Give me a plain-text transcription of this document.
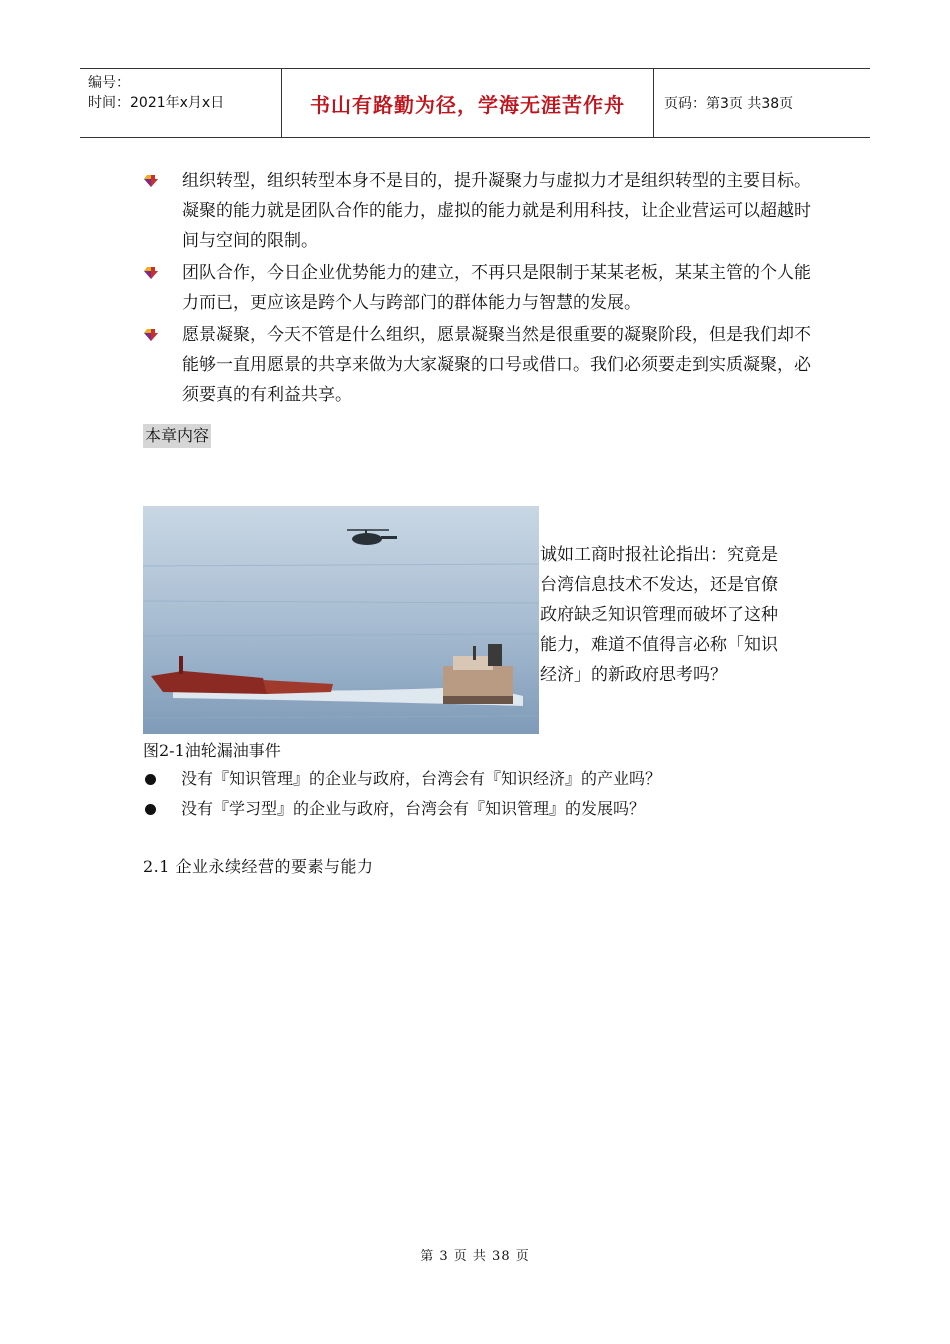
编号：
时间：2021年x月x日	书山有路勤为径，学海无涯苦作舟	页码：第3页 共38页
组织转型，组织转型本身不是目的，提升凝聚力与虚拟力才是组织转型的主要目标。凝聚的能力就是团队合作的能力，虚拟的能力就是利用科技，让企业营运可以超越时间与空间的限制。
团队合作，今日企业优势能力的建立，不再只是限制于某某老板，某某主管的个人能力而已，更应该是跨个人与跨部门的群体能力与智慧的发展。
愿景凝聚，今天不管是什么组织，愿景凝聚当然是很重要的凝聚阶段，但是我们却不能够一直用愿景的共享来做为大家凝聚的口号或借口。我们必须要走到实质凝聚，必须要真的有利益共享。
本章内容
诚如工商时报社论指出：究竟是台湾信息技术不发达，还是官僚政府缺乏知识管理而破坏了这种能力，难道不值得言必称「知识经济」的新政府思考吗？
图2-1油轮漏油事件
没有『知识管理』的企业与政府，台湾会有『知识经济』的产业吗？
没有『学习型』的企业与政府，台湾会有『知识管理』的发展吗？
2.1 企业永续经营的要素与能力
第 3 页 共 38 页
